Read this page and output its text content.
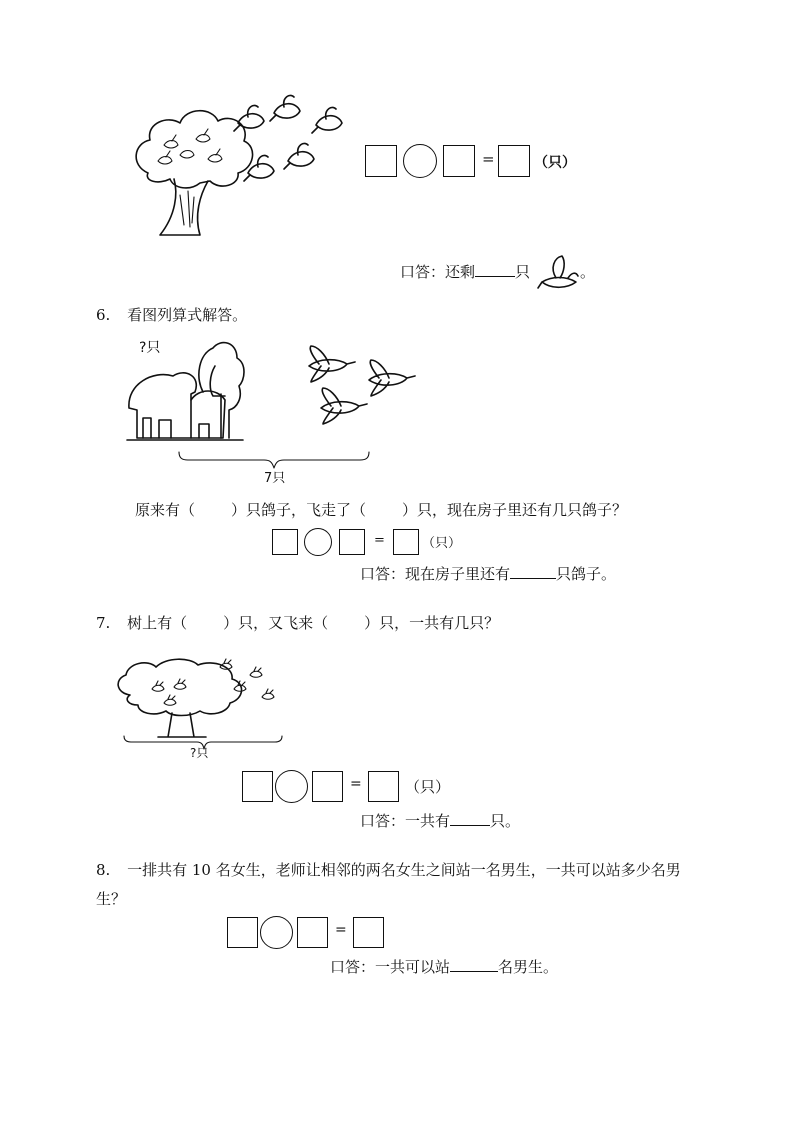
=	（只）
口答：还剩	只	。
6. 看图列算式解答。
?只
7只
原来有（ ）只鸽子，飞走了（ ）只，现在房子里还有几只鸽子？
=	（只）
口答：现在房子里还有	只鸽子。
7. 树上有（ ）只，又飞来（ ）只，一共有几只？
?只
=	（只）
口答：一共有	只。
8. 一排共有 10 名女生，老师让相邻的两名女生之间站一名男生，一共可以站多少名男
生？
=
口答：一共可以站	名男生。
